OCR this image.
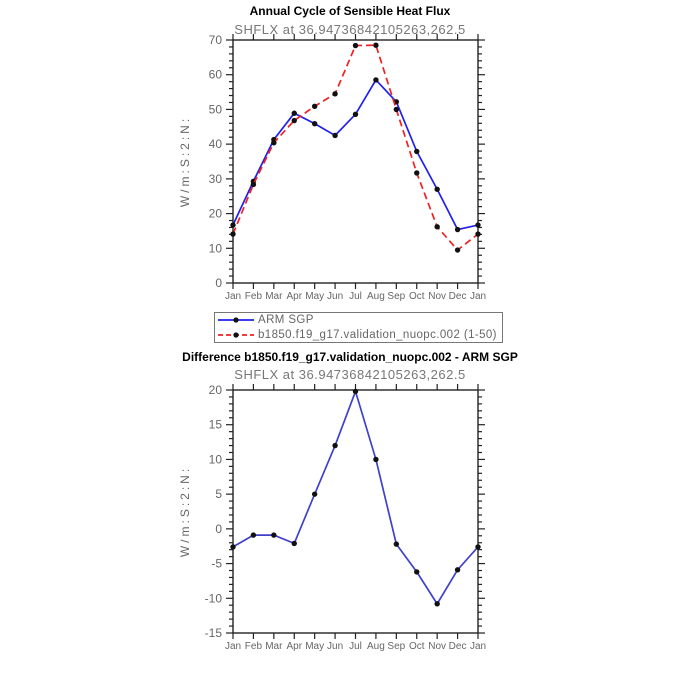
Annual Cycle of Sensible Heat Flux
SHFLX at 36.94736842105263,262.5
Jan Feb Mar Apr May Jun Jul Aug Sep Oct Nov Dec Jan
0
10
20
30
40
50
60
70
W/m:S:2:N:
Jan Feb Mar Apr May Jun Jul Aug Sep Oct Nov Dec Jan
-15
-10
-5
0
5
10
15
20
W/m:S:2:N:
ARM SGP
b1850.f19_g17.validation_nuopc.002 (1-50)
Difference b1850.f19_g17.validation_nuopc.002 - ARM SGP
SHFLX at 36.94736842105263,262.5
